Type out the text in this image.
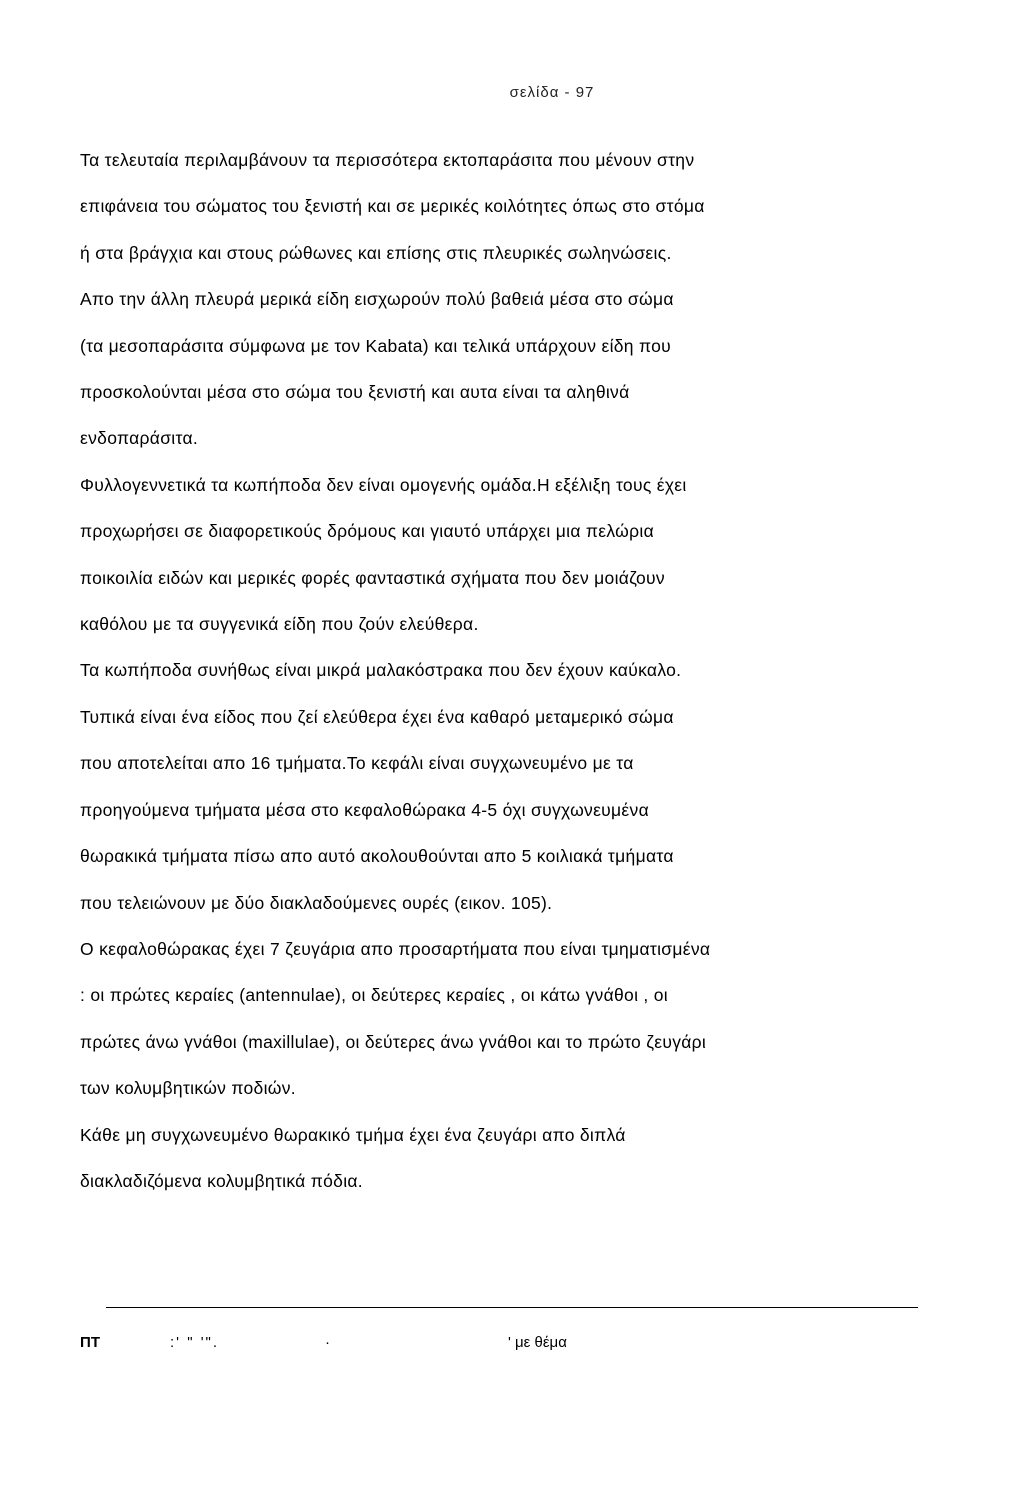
σελίδα - 97

Τα τελευταία περιλαμβάνουν τα περισσότερα εκτοπαράσιτα που μένουν στην

επιφάνεια του σώματος του ξενιστή και σε μερικές κοιλότητες όπως στο στόμα

ή στα βράγχια και στους ρώθωνες και επίσης στις πλευρικές σωληνώσεις.

Απο την άλλη πλευρά μερικά είδη εισχωρούν πολύ βαθειά μέσα στο σώμα

(τα μεσοπαράσιτα σύμφωνα με τον Kabata) και τελικά υπάρχουν είδη που

προσκολούνται μέσα στο σώμα του ξενιστή και αυτα είναι τα αληθινά

ενδοπαράσιτα.

Φυλλογεννετικά τα κωπήποδα δεν είναι ομογενής ομάδα.Η εξέλιξη τους έχει

προχωρήσει σε διαφορετικούς δρόμους και γιαυτό υπάρχει μια πελώρια

ποικοιλία ειδών και μερικές φορές φανταστικά σχήματα που δεν μοιάζουν

καθόλου με τα συγγενικά είδη που ζούν ελεύθερα.

Τα κωπήποδα συνήθως είναι μικρά μαλακόστρακα που δεν έχουν καύκαλο.

Τυπικά είναι ένα είδος που ζεί ελεύθερα έχει ένα καθαρό μεταμερικό σώμα

που αποτελείται απο 16 τμήματα.Το κεφάλι είναι συγχωνευμένο με τα

προηγούμενα τμήματα μέσα στο κεφαλοθώρακα 4-5 όχι συγχωνευμένα

θωρακικά τμήματα πίσω απο αυτό ακολουθούνται απο 5 κοιλιακά τμήματα

που τελειώνουν με δύο διακλαδούμενες ουρές (εικον. 105).

Ο κεφαλοθώρακας έχει 7 ζευγάρια απο προσαρτήματα που είναι τμηματισμένα

: οι πρώτες κεραίες (antennulae), οι δεύτερες κεραίες , οι κάτω γνάθοι , οι

πρώτες άνω γνάθοι (maxillulae), οι δεύτερες άνω γνάθοι και το πρώτο ζευγάρι

των κολυμβητικών ποδιών.

Κάθε μη συγχωνευμένο θωρακικό τμήμα έχει ένα ζευγάρι απο διπλά

διακλαδιζόμενα κολυμβητικά πόδια.

ΠΤ	:' " '".	·	' με θέμα
